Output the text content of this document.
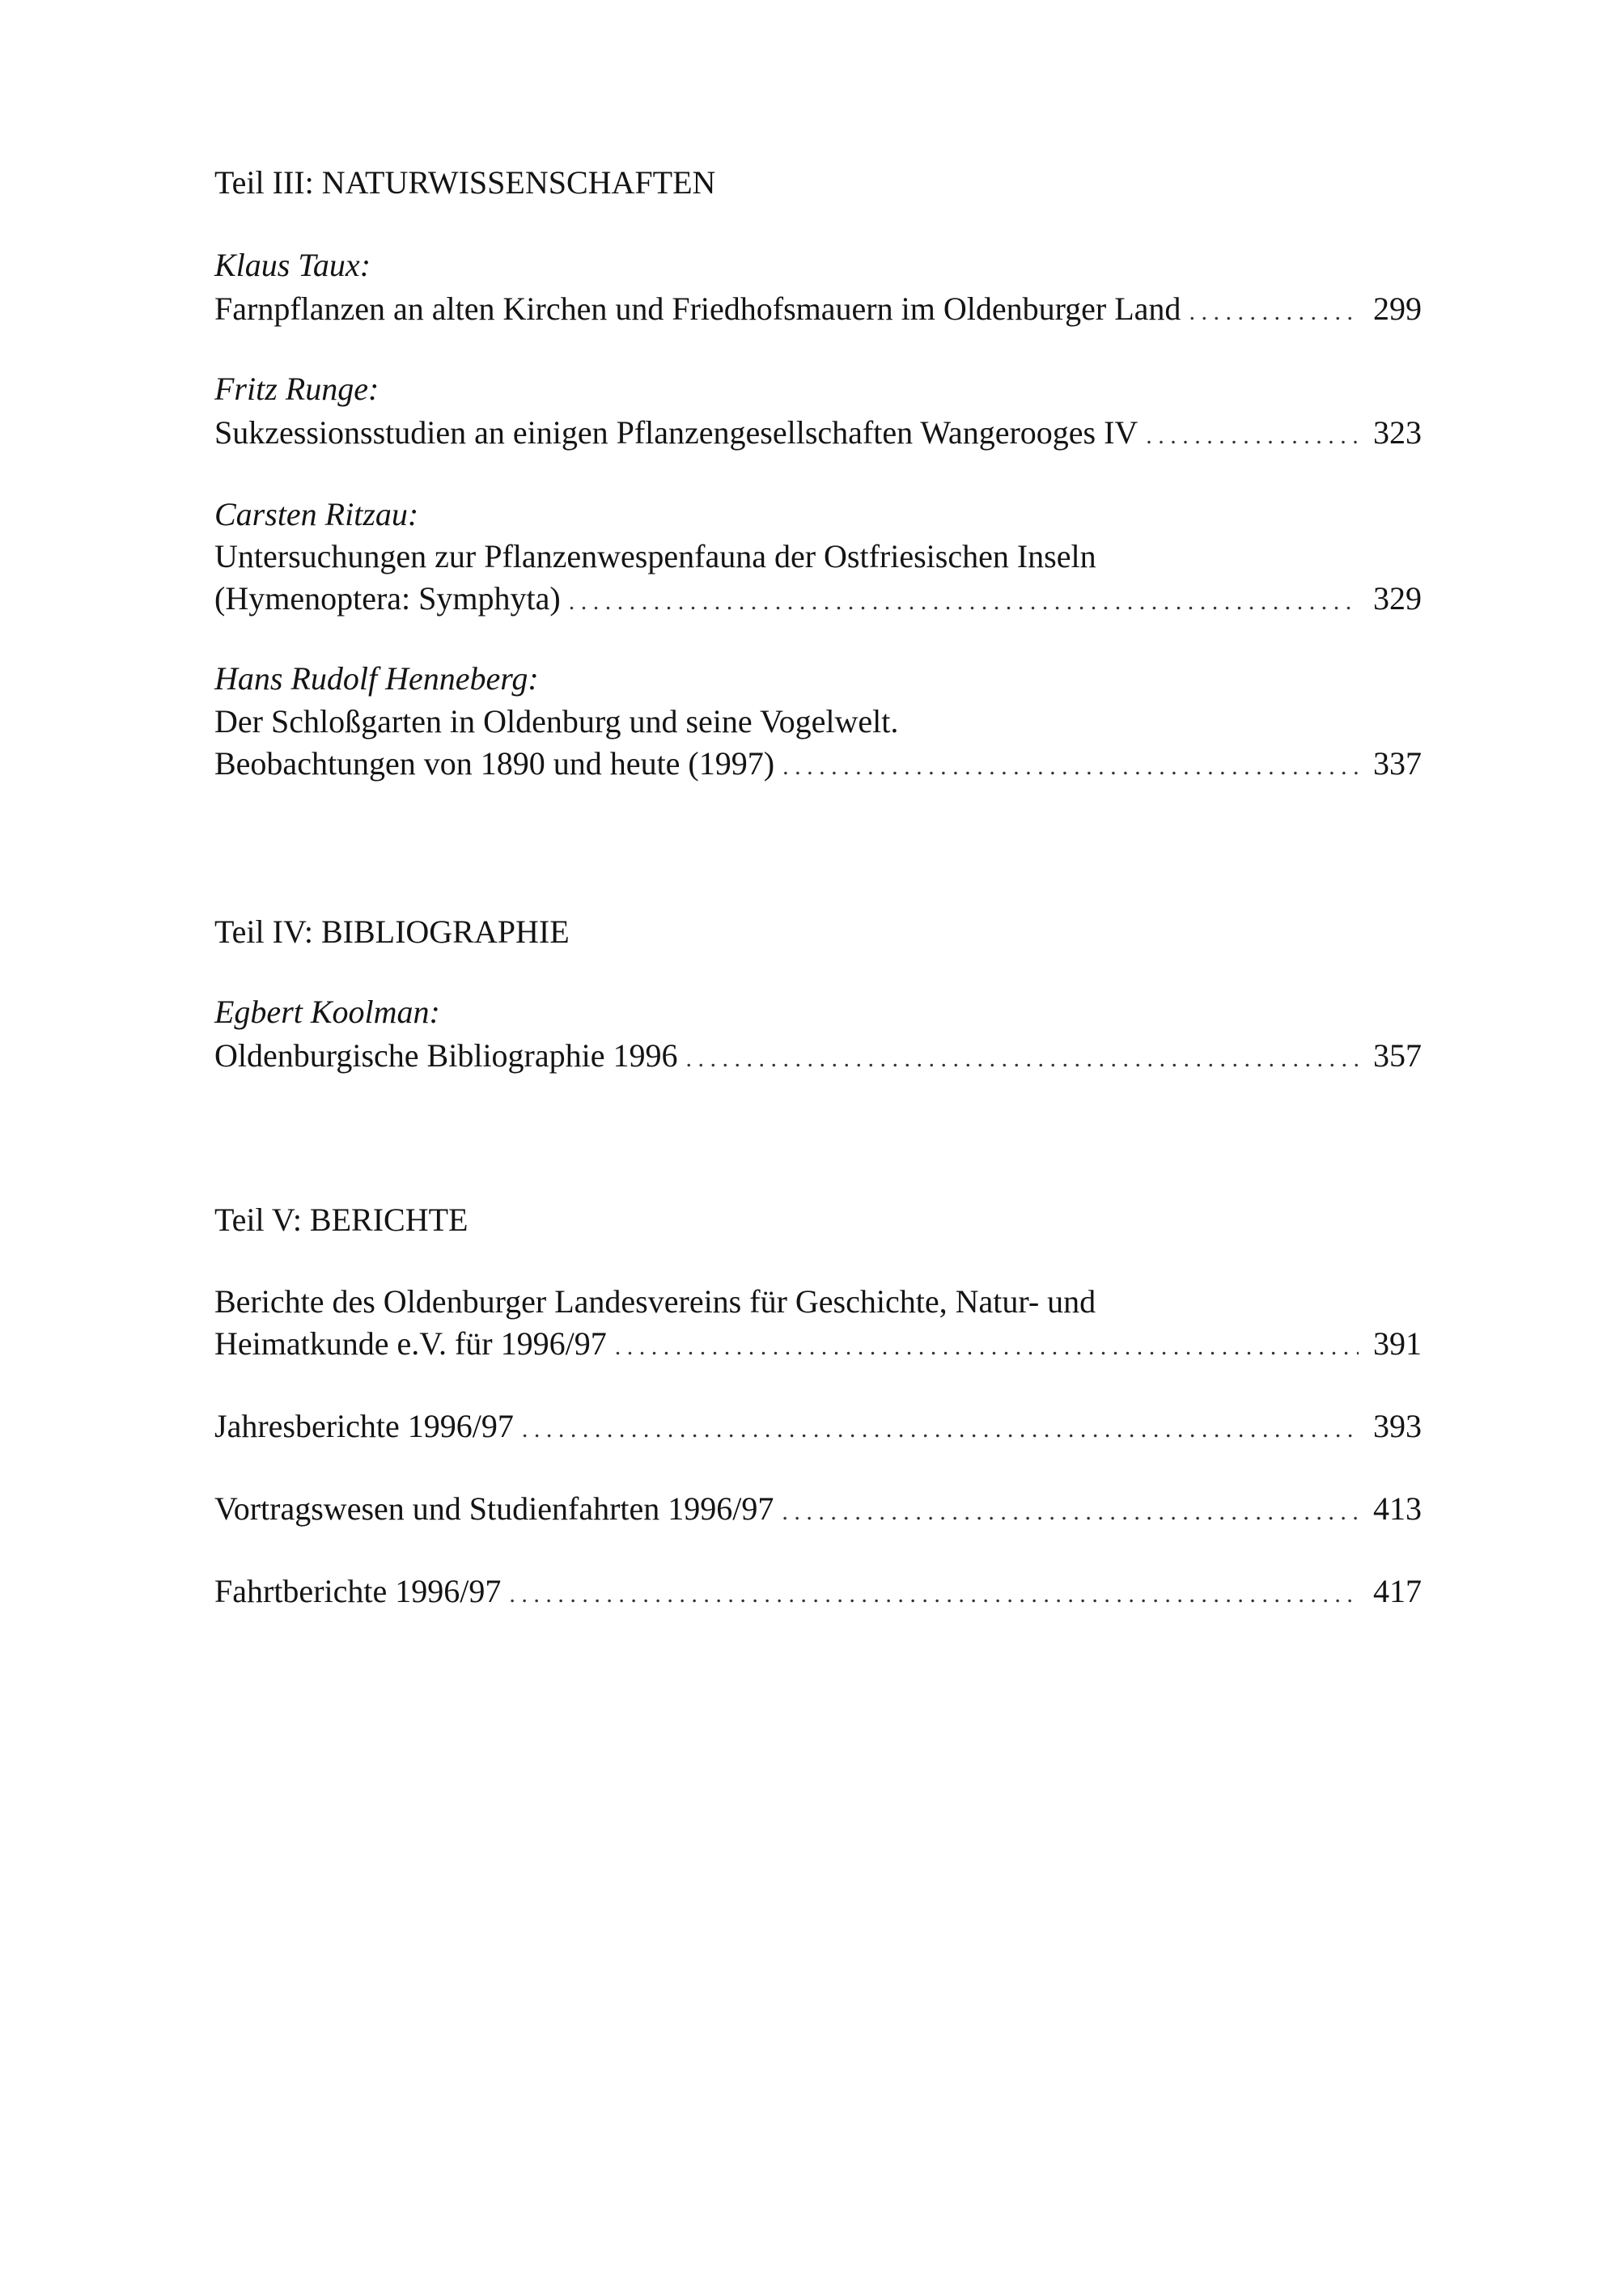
Teil III: NATURWISSENSCHAFTEN
Klaus Taux:
Farnpflanzen an alten Kirchen und Friedhofsmauern im Oldenburger Land . . .	299
Fritz Runge:
Sukzessionsstudien an einigen Pflanzengesellschaften Wangerooges IV . . .	323
Carsten Ritzau:
Untersuchungen zur Pflanzenwespenfauna der Ostfriesischen Inseln
(Hymenoptera: Symphyta) . . .	329
Hans Rudolf Henneberg:
Der Schloßgarten in Oldenburg und seine Vogelwelt.
Beobachtungen von 1890 und heute (1997) . . .	337
Teil IV: BIBLIOGRAPHIE
Egbert Koolman:
Oldenburgische Bibliographie 1996 . . .	357
Teil V: BERICHTE
Berichte des Oldenburger Landesvereins für Geschichte, Natur- und
Heimatkunde e.V. für 1996/97 . . .	391
Jahresberichte 1996/97 . . .	393
Vortragswesen und Studienfahrten 1996/97 . . .	413
Fahrtberichte 1996/97 . . .	417
